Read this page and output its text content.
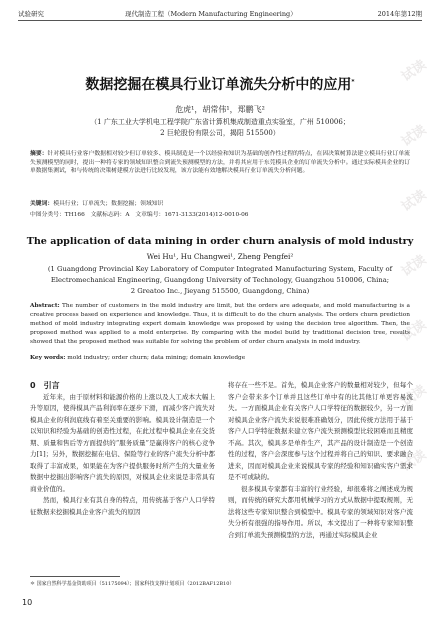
试验研究	现代制造工程（Modern Manufacturing Engineering）	2014年第12期
试读
试读
试读
试读
试读
试读
试读
数据挖掘在模具行业订单流失分析中的应用*
危虎¹，胡常伟¹，郑鹏飞²
（1 广东工业大学机电工程学院广东省计算机集成制造重点实验室，广州 510006；
2 巨轮股份有限公司，揭阳 515500）
摘要：针对模具行业客户数据相对较少但订单较多、模具制造是一个以经验和知识为基础的创作性过程的特点，在因决策树算法建立模具行业订单流失预测模型的同时，提出一种将专家的领域知识整合到流失预测模型的方法，并将其应用于东莞模具企业的订单流失分析中。通过实际模具企业的订单数据集测试，和与传统的决策树建模方法进行比较发现，该方法能有效地解决模具行业订单流失分析问题。
关键词：模具行业；订单流失；数据挖掘；领域知识
中图分类号：TH166　文献标志码：A　文章编号：1671-3133(2014)12-0010-06
The application of data mining in order churn analysis of mold industry
Wei Hu¹, Hu Changwei¹, Zheng Pengfei²
(1 Guangdong Provincial Key Laboratory of Computer Integrated Manufacturing System, Faculty of Electromechanical Engineering, Guangdong University of Technology, Guangzhou 510006, China;
2 Greatoo Inc., Jieyang 515500, Guangdong, China)
Abstract: The number of customers in the mold industry are limit, but the orders are adequate, and mold manufacturing is a creative process based on experience and knowledge. Thus, it is difficult to do the churn analysis. The orders churn prediction method of mold industry integrating expert domain knowledge was proposed by using the decision tree algorithm. Then, the proposed method was applied to a mold enterprise. By comparing with the model build by traditional decision tree, results showed that the proposed method was suitable for solving the problem of order churn analysis in mold industry.
Key words: mold industry; order churn; data mining; domain knowledge

0　引言

近年来，由于原材料和能源价格的上涨以及人工成本大幅上升等原因，使得模具产品利润率在逐步下滑，而减少客户流失对模具企业的利润底线有着至关重要的影响。模具设计制造是一个以知识和经验为基础的创造性过程，在此过程中模具企业在交货期、质量和售后等方面提供的“服务质量”是赢得客户的核心竞争力[1]；另外，数据挖掘在电信、保险等行业的客户流失分析中都取得了丰富成果，如果能在为客户提供服务时所产生的大量业务数据中挖掘出影响客户流失的原因，对模具企业来说是非常具有商业价值的。

然而，模具行业有其自身的特点，用传统基于客户人口学特征数据来挖掘模具企业客户流失的原因

将存在一些不足。首先，模具企业客户的数量相对较少，但每个客户会带来多个订单并且这些订单中有的比其他订单更容易流失。一方面模具企业有关客户人口学特征的数据较少，另一方面对模具企业客户流失来说很难准确划分，因此传统方法用于基于客户人口学特征数据来建立客户流失预测模型比较困难而且精度不高。其次，模具多是单件生产，其产品的设计制造是一个创造性的过程，客户会深度参与这个过程并将自己的知识、要求融合进来，因而对模具企业来说模具专家的经验和知识确实客户需求是不可或缺的。

很多模具专家都有丰富的行业经验，却很难将之阐述成为规则，而传统的研究大都用机械学习的方式从数据中提取规则，无法将这些专家知识整合到模型中。模具专家的领域知识对客户流失分析有很强的指导作用。所以，本文提出了一种将专家知识整合到订单流失预测模型的方法，再通过实际模具企业

＊ 国家自然科学基金资助项目（51175094）；国家科技支撑计划项目（2012BAF12B10）
10
